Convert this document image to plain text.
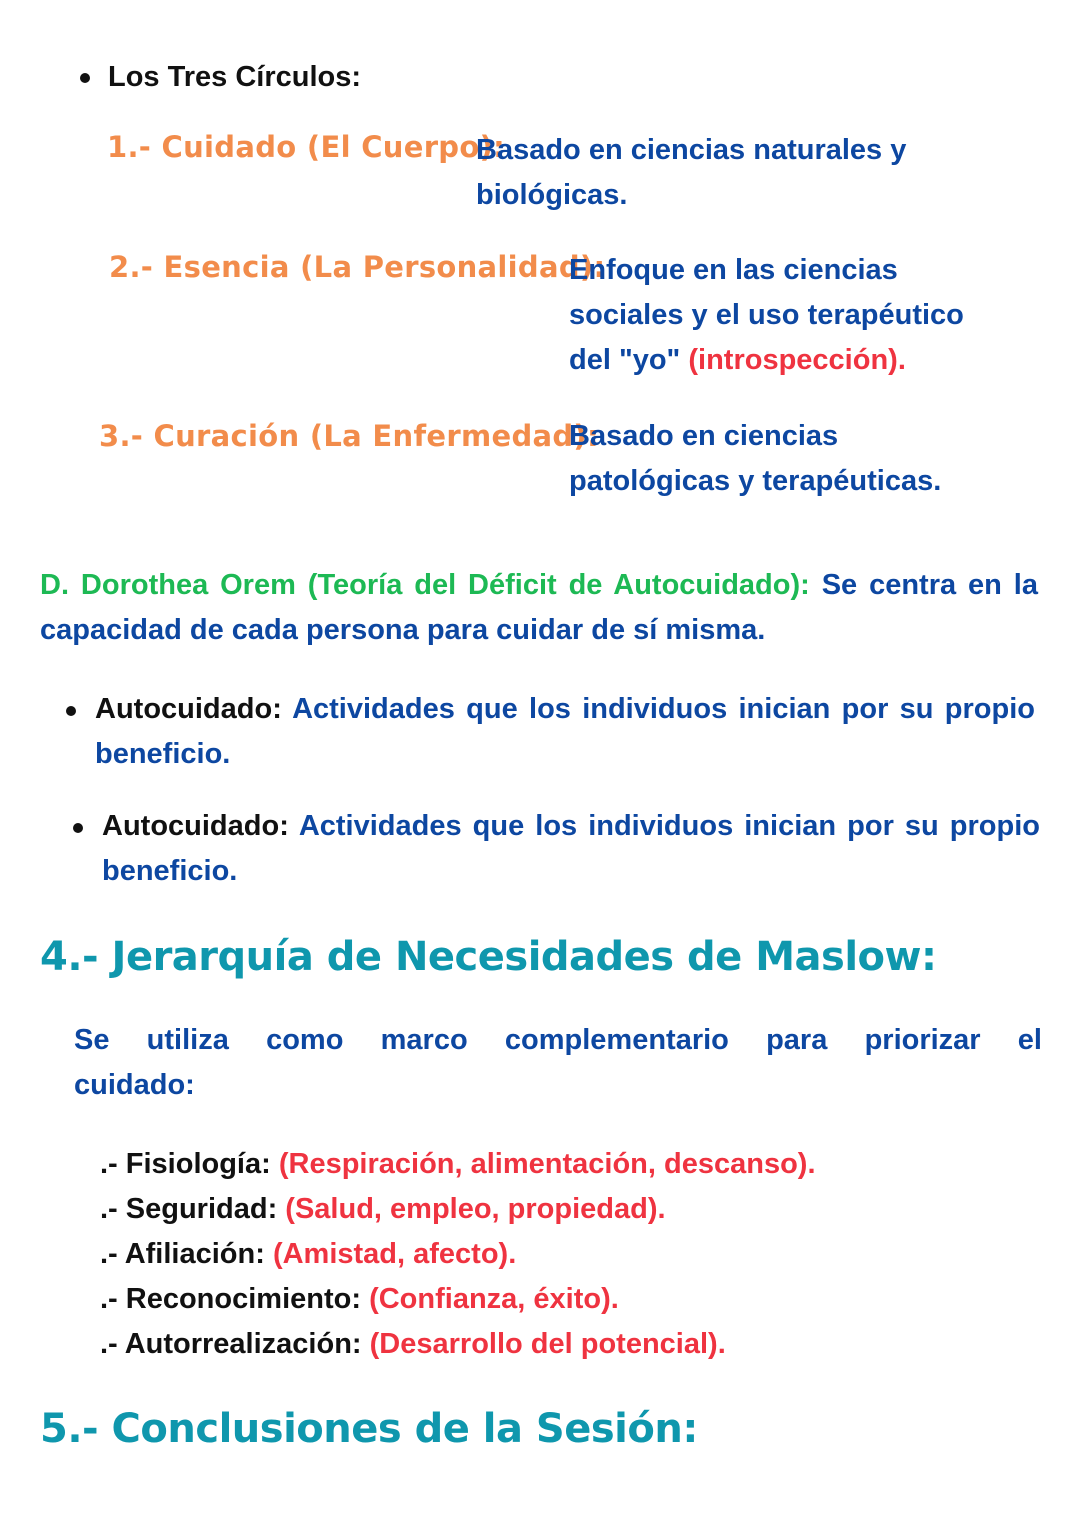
Los Tres Círculos:
1.- Cuidado (El Cuerpo):
Basado en ciencias naturales y
biológicas.
2.- Esencia (La Personalidad):
Enfoque en las ciencias
sociales y el uso terapéutico
del "yo" (introspección).
3.- Curación (La Enfermedad):
Basado en ciencias
patológicas y terapéuticas.
D. Dorothea Orem (Teoría del Déficit de Autocuidado): Se centra en la capacidad de cada persona para cuidar de sí misma.
Autocuidado: Actividades que los individuos inician por su propio beneficio.
Autocuidado: Actividades que los individuos inician por su propio beneficio.
4.- Jerarquía de Necesidades de Maslow:
Se utiliza como marco complementario para priorizar el cuidado:
.- Fisiología: (Respiración, alimentación, descanso).
.- Seguridad: (Salud, empleo, propiedad).
.- Afiliación: (Amistad, afecto).
.- Reconocimiento: (Confianza, éxito).
.- Autorrealización: (Desarrollo del potencial).
5.- Conclusiones de la Sesión:
